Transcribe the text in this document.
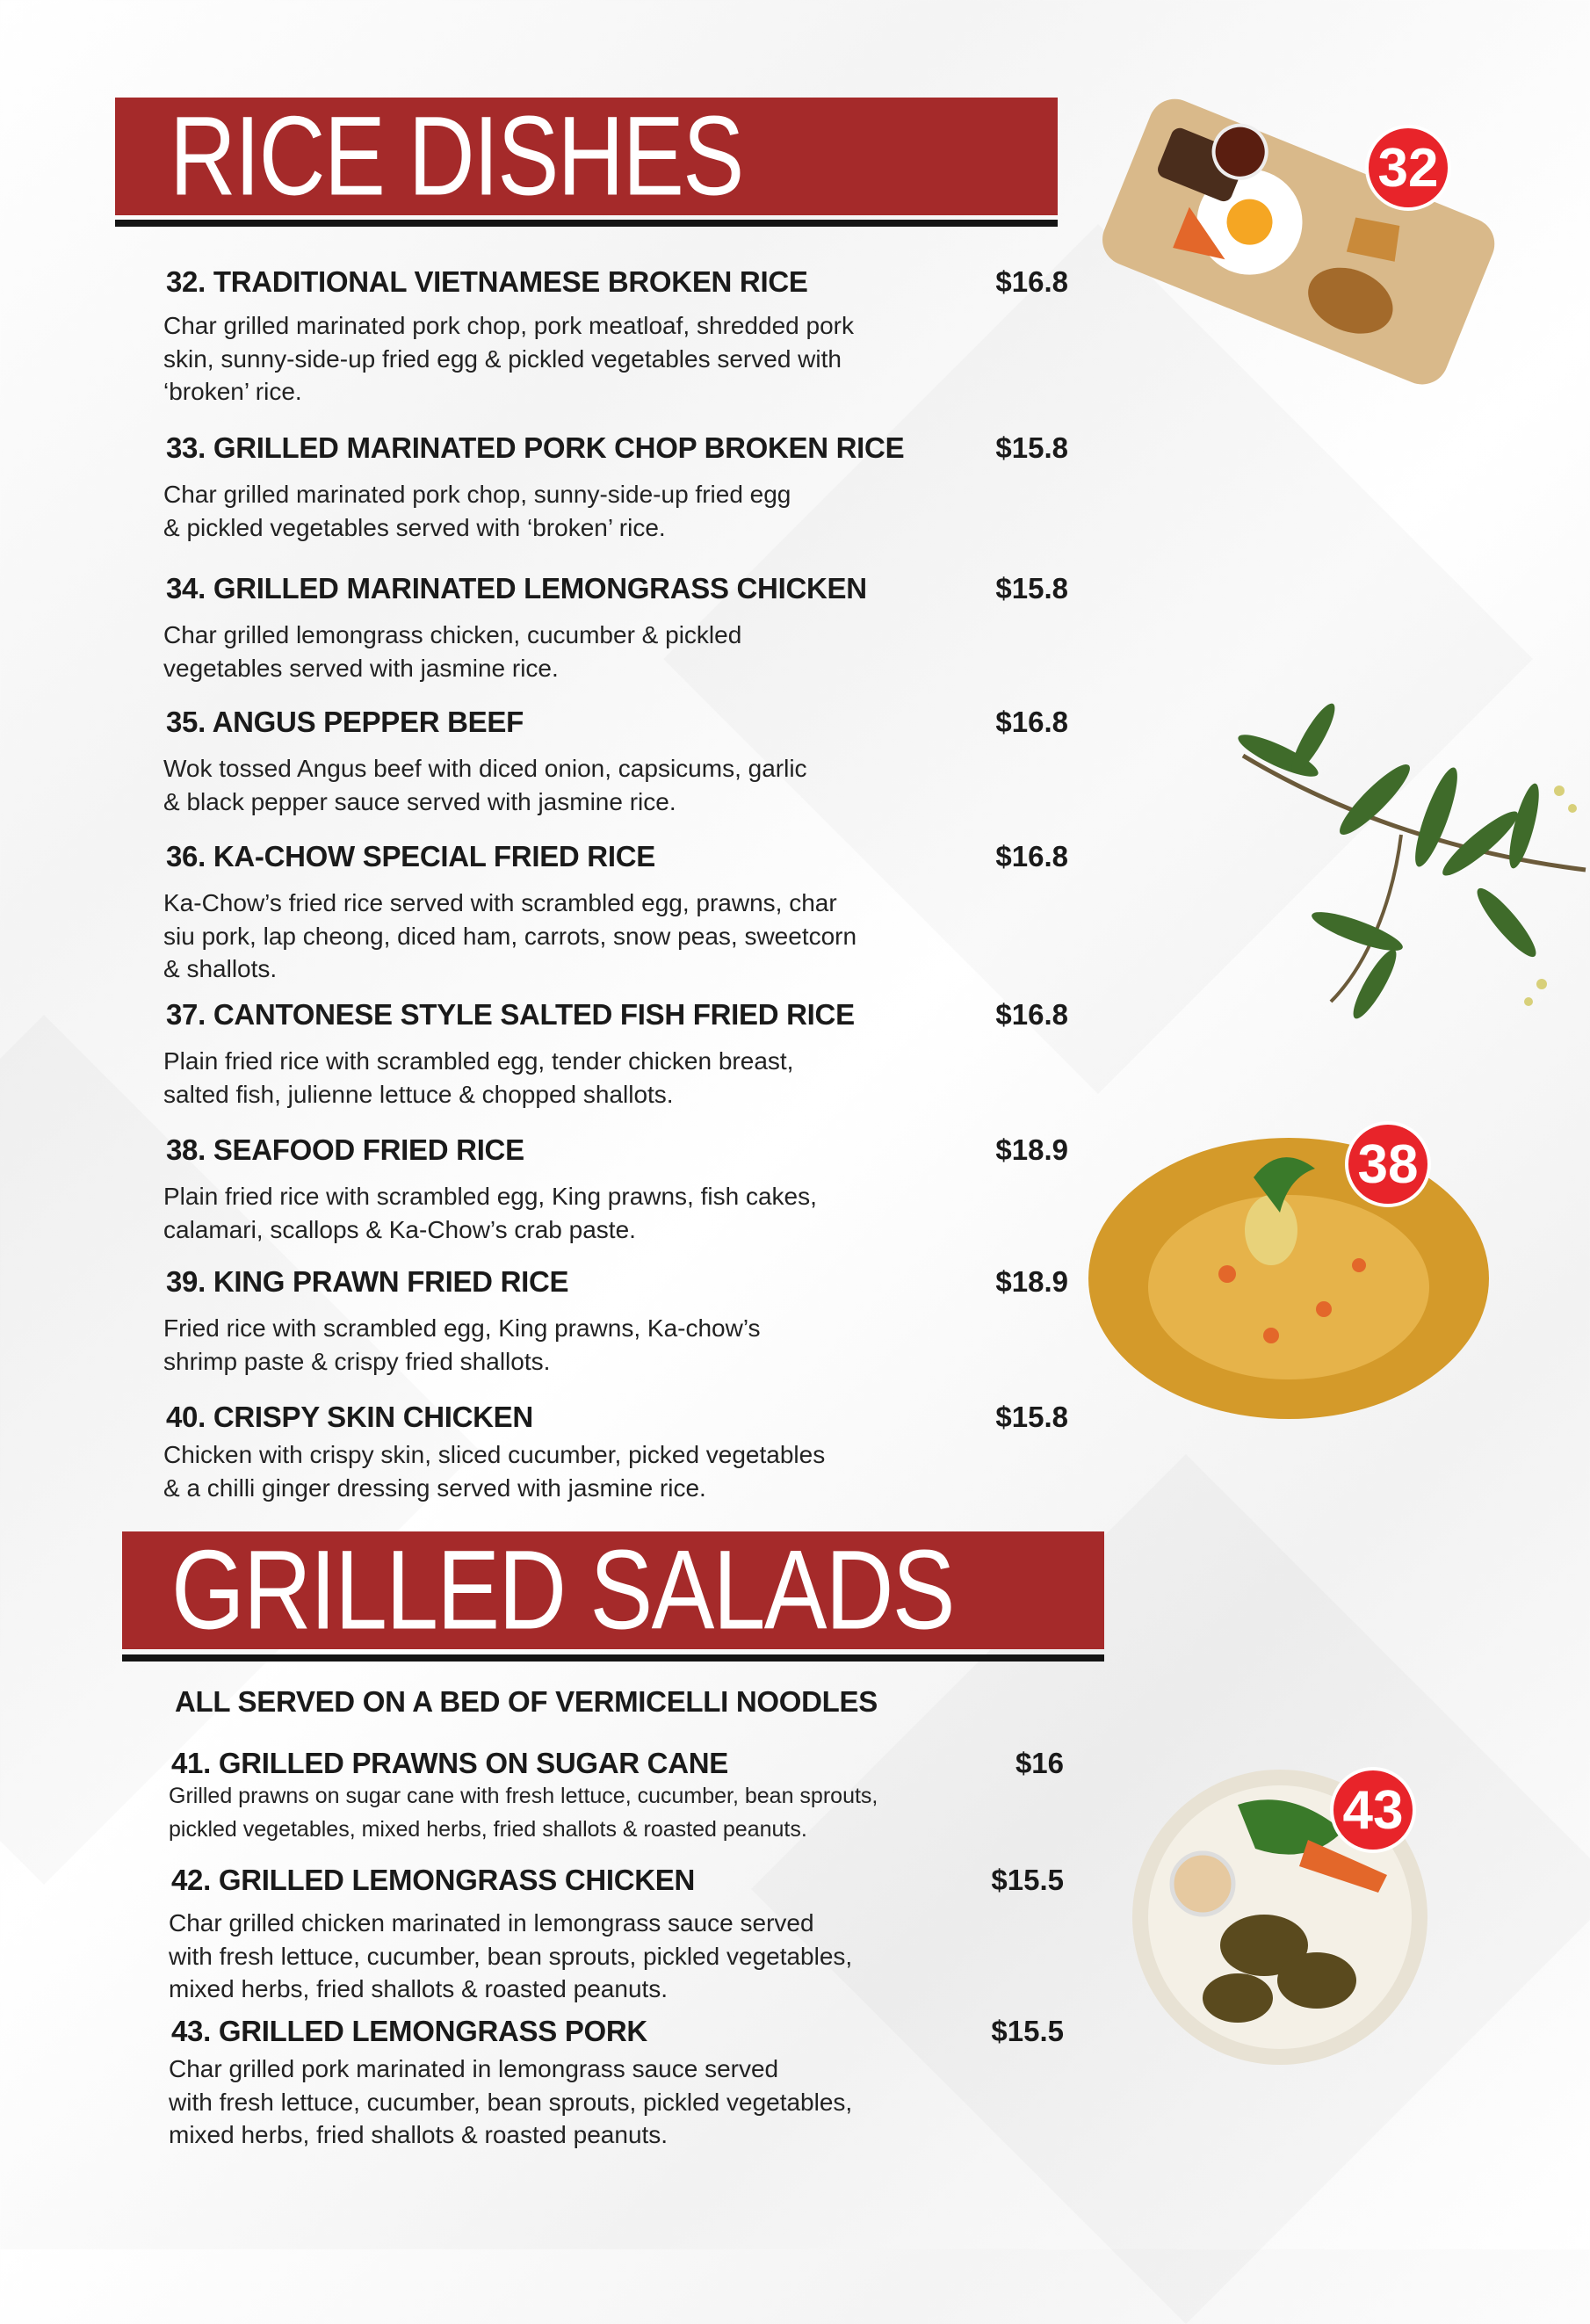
RICE DISHES
GRILLED SALADS
ALL SERVED ON A BED OF VERMICELLI NOODLES
32. TRADITIONAL VIETNAMESE BROKEN RICE	$16.8
Char grilled marinated pork chop, pork meatloaf, shredded pork
skin, sunny-side-up fried egg & pickled vegetables served with
‘broken’ rice.
33. GRILLED MARINATED PORK CHOP BROKEN RICE	$15.8
Char grilled marinated pork chop, sunny-side-up fried egg
& pickled vegetables served with ‘broken’ rice.
34. GRILLED MARINATED LEMONGRASS CHICKEN	$15.8
Char grilled lemongrass chicken, cucumber & pickled
vegetables served with jasmine rice.
35. ANGUS PEPPER BEEF	$16.8
Wok tossed Angus beef with diced onion, capsicums, garlic
& black pepper sauce served with jasmine rice.
36. KA-CHOW SPECIAL FRIED RICE	$16.8
Ka-Chow’s fried rice served with scrambled egg, prawns, char
siu pork, lap cheong, diced ham, carrots, snow peas, sweetcorn
& shallots.
37. CANTONESE STYLE SALTED FISH FRIED RICE	$16.8
Plain fried rice with scrambled egg, tender chicken breast,
salted fish, julienne lettuce & chopped shallots.
38. SEAFOOD FRIED RICE	$18.9
Plain fried rice with scrambled egg, King prawns, fish cakes,
calamari, scallops & Ka-Chow’s crab paste.
39. KING PRAWN FRIED RICE	$18.9
Fried rice with scrambled egg, King prawns, Ka-chow’s
shrimp paste & crispy fried shallots.
40. CRISPY SKIN CHICKEN	$15.8
Chicken with crispy skin, sliced cucumber, picked vegetables
& a chilli ginger dressing served with jasmine rice.
41. GRILLED PRAWNS ON SUGAR CANE	$16
Grilled prawns on sugar cane with fresh lettuce, cucumber, bean sprouts,
pickled vegetables, mixed herbs, fried shallots & roasted peanuts.
42. GRILLED LEMONGRASS CHICKEN	$15.5
Char grilled chicken marinated in lemongrass sauce served
with fresh lettuce, cucumber, bean sprouts, pickled vegetables,
mixed herbs, fried shallots & roasted peanuts.
43. GRILLED LEMONGRASS PORK	$15.5
Char grilled pork marinated in lemongrass sauce served
with fresh lettuce, cucumber, bean sprouts, pickled vegetables,
mixed herbs, fried shallots & roasted peanuts.
32
38
43
